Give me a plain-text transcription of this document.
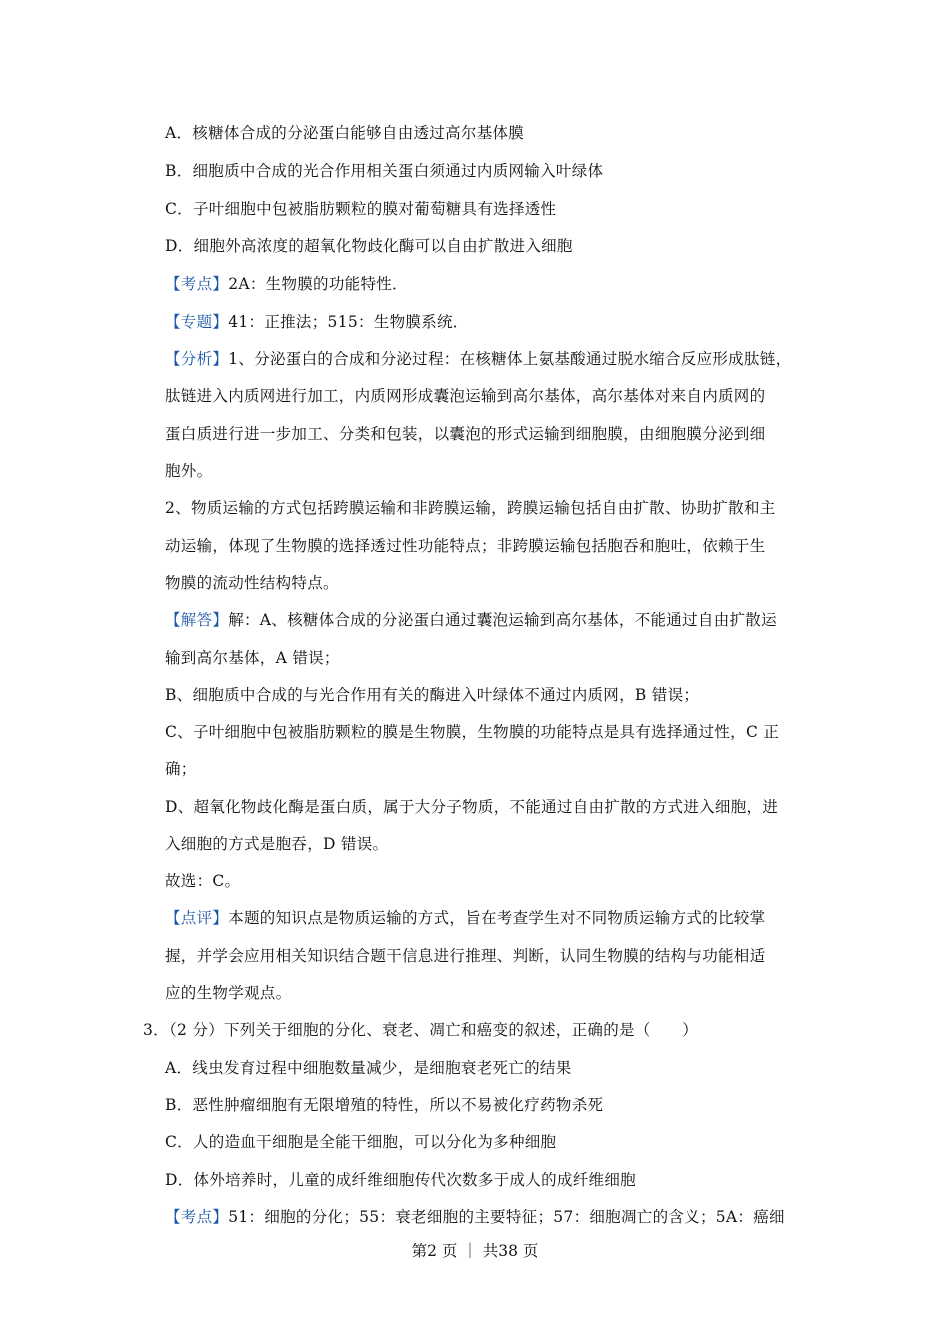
A．核糖体合成的分泌蛋白能够自由透过高尔基体膜
B．细胞质中合成的光合作用相关蛋白须通过内质网输入叶绿体
C．子叶细胞中包被脂肪颗粒的膜对葡萄糖具有选择透性
D．细胞外高浓度的超氧化物歧化酶可以自由扩散进入细胞
【考点】2A：生物膜的功能特性．
【专题】41：正推法；515：生物膜系统．
【分析】1、分泌蛋白的合成和分泌过程：在核糖体上氨基酸通过脱水缩合反应形成肽链，
肽链进入内质网进行加工，内质网形成囊泡运输到高尔基体，高尔基体对来自内质网的
蛋白质进行进一步加工、分类和包装，以囊泡的形式运输到细胞膜，由细胞膜分泌到细
胞外。
2、物质运输的方式包括跨膜运输和非跨膜运输，跨膜运输包括自由扩散、协助扩散和主
动运输，体现了生物膜的选择透过性功能特点；非跨膜运输包括胞吞和胞吐，依赖于生
物膜的流动性结构特点。
【解答】解：A、核糖体合成的分泌蛋白通过囊泡运输到高尔基体，不能通过自由扩散运
输到高尔基体，A 错误；
B、细胞质中合成的与光合作用有关的酶进入叶绿体不通过内质网，B 错误；
C、子叶细胞中包被脂肪颗粒的膜是生物膜，生物膜的功能特点是具有选择通过性，C 正
确；
D、超氧化物歧化酶是蛋白质，属于大分子物质，不能通过自由扩散的方式进入细胞，进
入细胞的方式是胞吞，D 错误。
故选：C。
【点评】本题的知识点是物质运输的方式，旨在考查学生对不同物质运输方式的比较掌
握，并学会应用相关知识结合题干信息进行推理、判断，认同生物膜的结构与功能相适
应的生物学观点。
3．（2 分）下列关于细胞的分化、衰老、凋亡和癌变的叙述，正确的是（　　）
A．线虫发育过程中细胞数量减少，是细胞衰老死亡的结果
B．恶性肿瘤细胞有无限增殖的特性，所以不易被化疗药物杀死
C．人的造血干细胞是全能干细胞，可以分化为多种细胞
D．体外培养时，儿童的成纤维细胞传代次数多于成人的成纤维细胞
【考点】51：细胞的分化；55：衰老细胞的主要特征；57：细胞凋亡的含义；5A：癌细
第2 页 ｜ 共38 页
